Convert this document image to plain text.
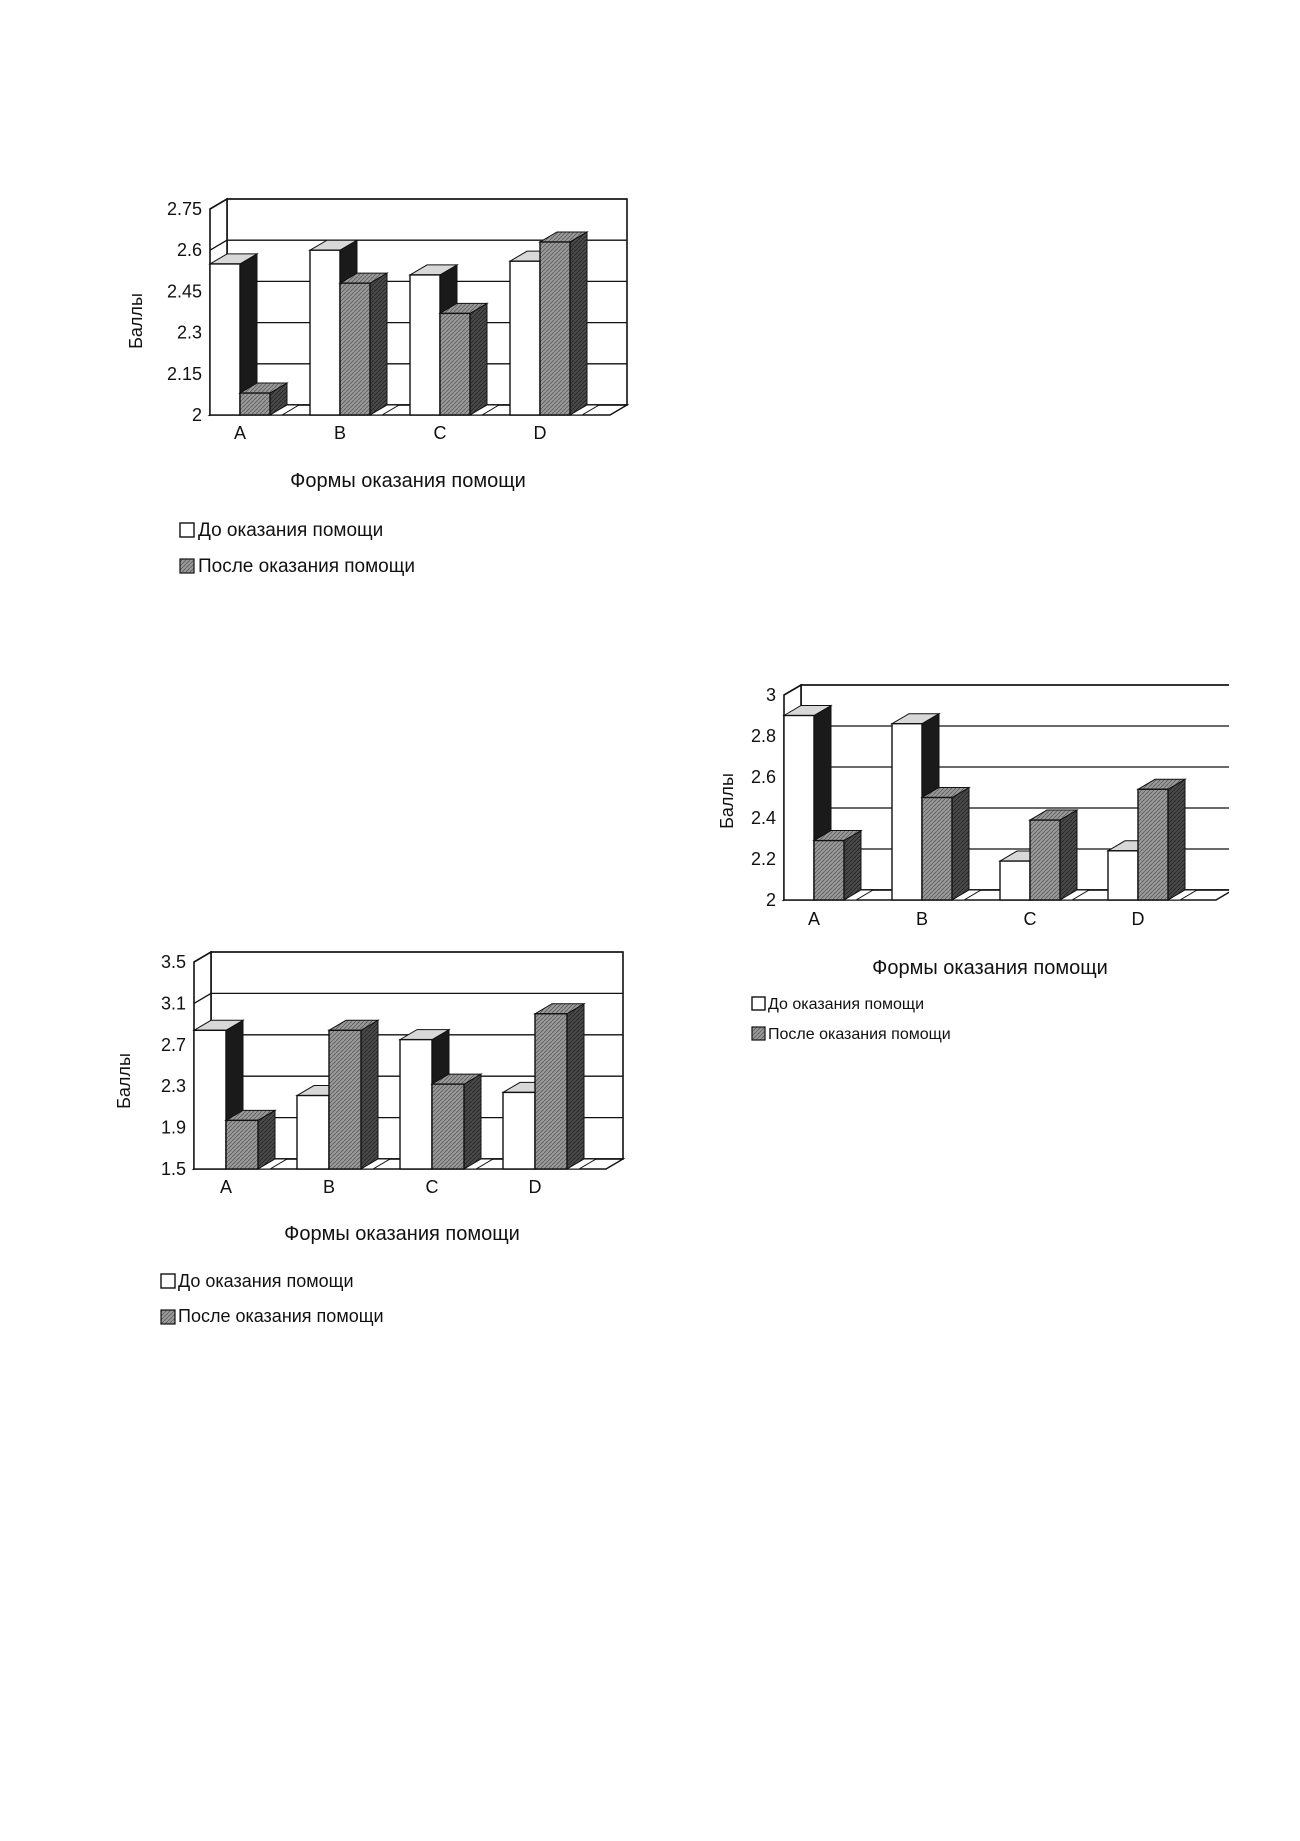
2.75
2.6
2.45
2.3
2.15
2
A	B	C	D
Баллы
Формы оказания помощи
До оказания помощи
После оказания помощи
3
2.8
2.6
2.4
2.2
2
A	B	C	D
Баллы
Формы оказания помощи
До оказания помощи
После оказания помощи
3.5
3.1
2.7
2.3
1.9
1.5
A	B	C	D
Баллы
Формы оказания помощи
До оказания помощи
После оказания помощи
